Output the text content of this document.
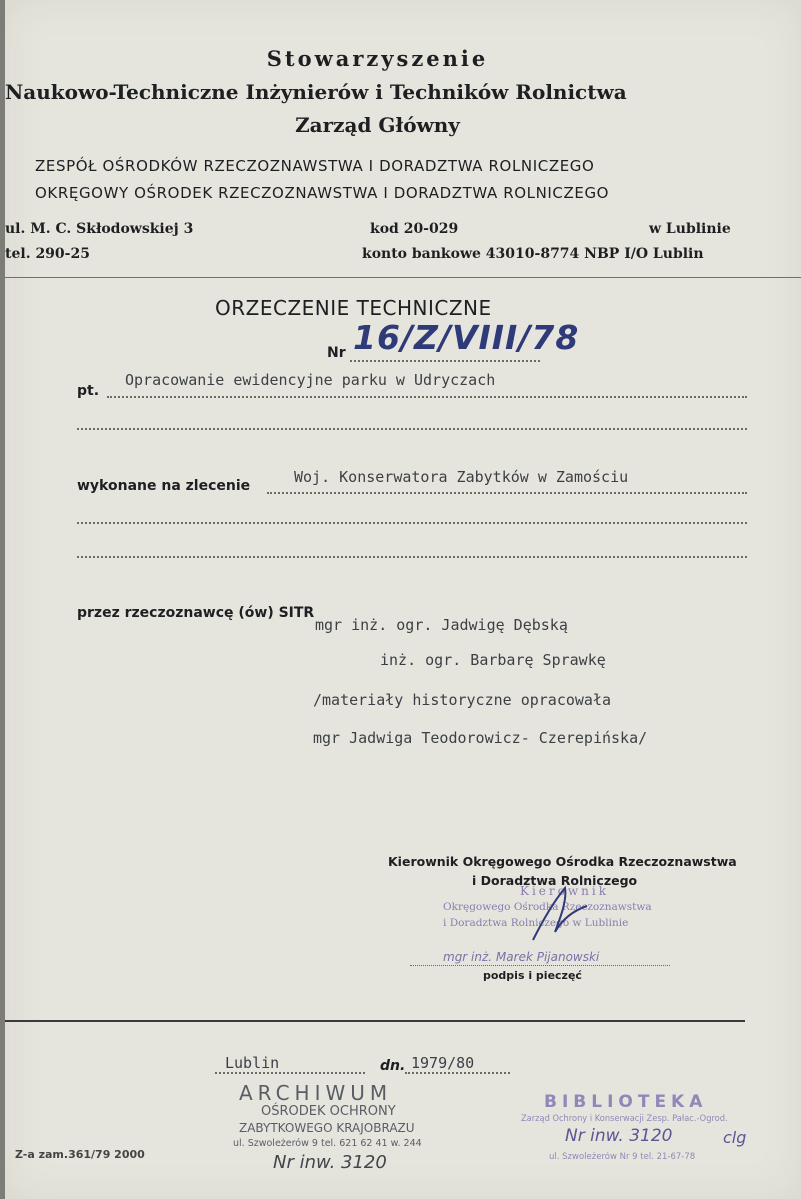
Stowarzyszenie
Naukowo-Techniczne Inżynierów i Techników Rolnictwa
Zarząd Główny
ZESPÓŁ OŚRODKÓW RZECZOZNAWSTWA I DORADZTWA ROLNICZEGO
OKRĘGOWY OŚRODEK RZECZOZNAWSTWA I DORADZTWA ROLNICZEGO
ul. M. C. Skłodowskiej 3	kod 20-029	w Lublinie
tel. 290-25	konto bankowe 43010-8774 NBP I/O Lublin
ORZECZENIE TECHNICZNE
Nr 16/Z/VIII/78
pt.
Opracowanie ewidencyjne parku w Udryczach
wykonane na zlecenie	Woj. Konserwatora Zabytków w Zamościu
przez rzeczoznawcę (ów) SITR
mgr inż. ogr. Jadwigę Dębską
inż. ogr. Barbarę Sprawkę
/materiały historyczne opracowała
mgr Jadwiga Teodorowicz- Czerepińska/
Kierownik Okręgowego Ośrodka Rzeczoznawstwa
i Doradztwa Rolniczego
Kierownik
Okręgowego Ośrodka Rzeczoznawstwa
i Doradztwa Rolniczego w Lublinie
mgr inż. Marek Pijanowski
podpis i pieczęć
Lublin	dn. 1979/80
ARCHIWUM
OŚRODEK OCHRONY
ZABYTKOWEGO KRAJOBRAZU
ul. Szwoleżerów 9 tel. 621 62 41 w. 244
Nr inw. 3120
Z-a zam.361/79 2000
BIBLIOTEKA
Zarząd Ochrony i Konserwacji Zesp. Pałac.-Ogrod.
Nr inw. 3120	clg
ul. Szwoleżerów Nr 9 tel. 21-67-78
